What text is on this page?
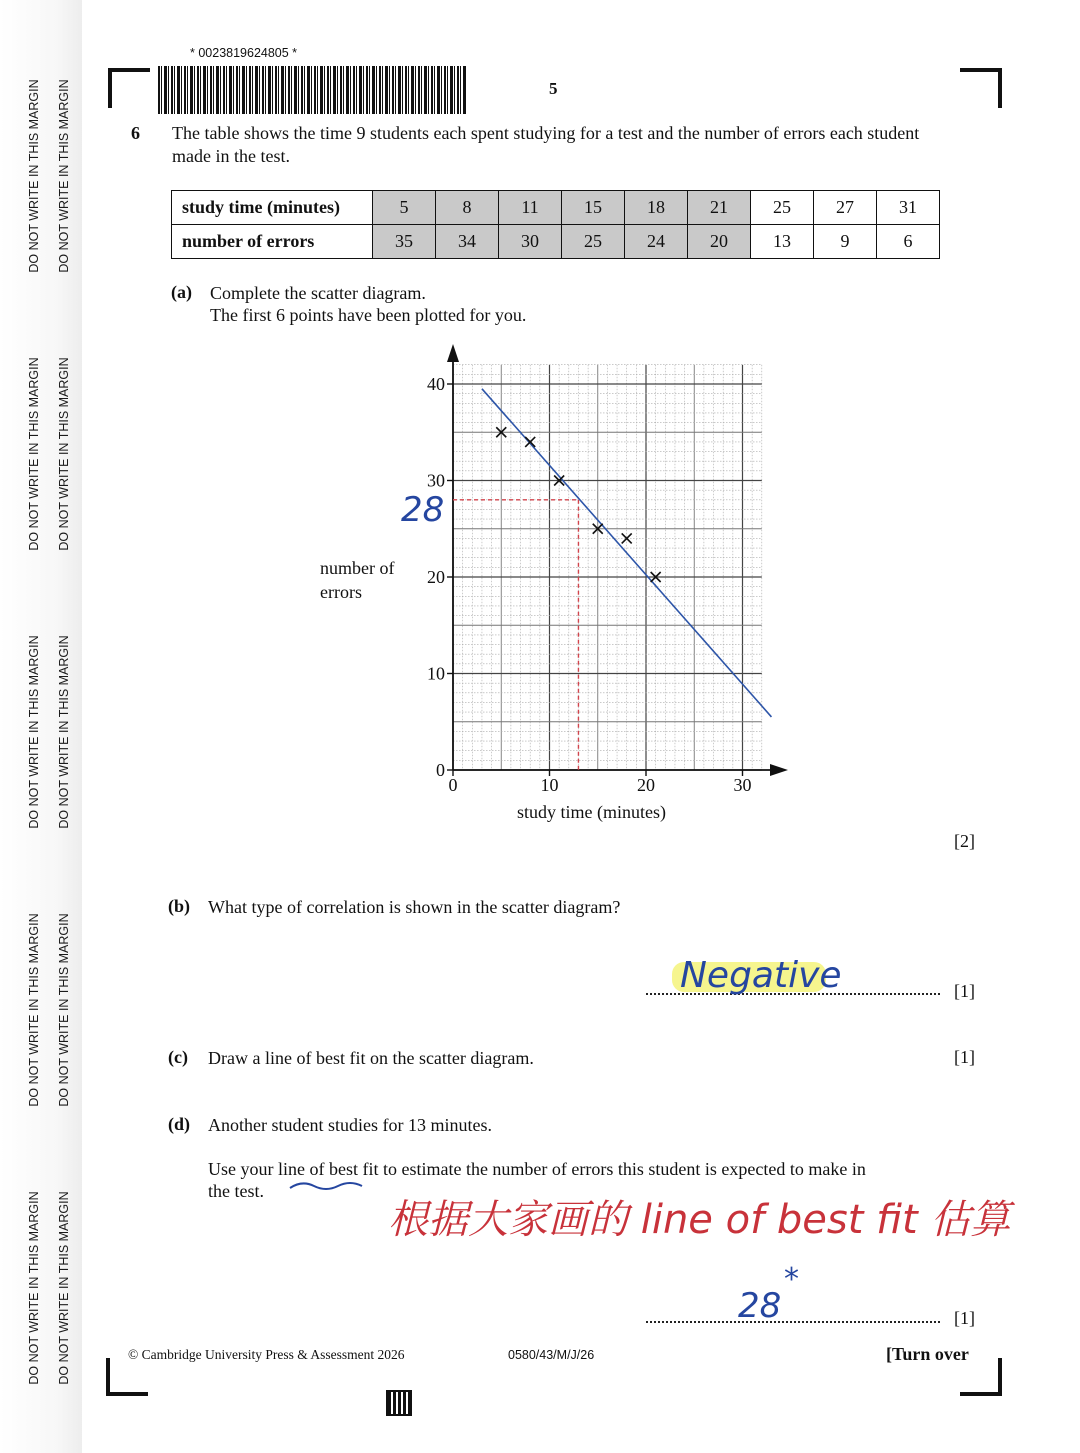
DO NOT WRITE IN THIS MARGIN DO NOT WRITE IN THIS MARGIN
DO NOT WRITE IN THIS MARGIN DO NOT WRITE IN THIS MARGIN
DO NOT WRITE IN THIS MARGIN DO NOT WRITE IN THIS MARGIN
DO NOT WRITE IN THIS MARGIN DO NOT WRITE IN THIS MARGIN
DO NOT WRITE IN THIS MARGIN DO NOT WRITE IN THIS MARGIN
* 0023819624805 *
5
6 The table shows the time 9 students each spent studying for a test and the number of errors each student made in the test.
study time (minutes)	5	8	11	15	18	21	25	27	31
number of errors	35	34	30	25	24	20	13	9	6
(a) Complete the scatter diagram.
The first 6 points have been plotted for you.
number of
errors
study time (minutes)
0	10	20	30
0
10
20
30
40
28
[2]
(b) What type of correlation is shown in the scatter diagram?
Negative	[1]
(c) Draw a line of best fit on the scatter diagram.	[1]
(d) Another student studies for 13 minutes.
Use your line of best fit to estimate the number of errors this student is expected to make in
the test.
根据大家画的 line of best fit 估算
28
*
[1]
© Cambridge University Press & Assessment 2026	0580/43/M/J/26	[Turn over
